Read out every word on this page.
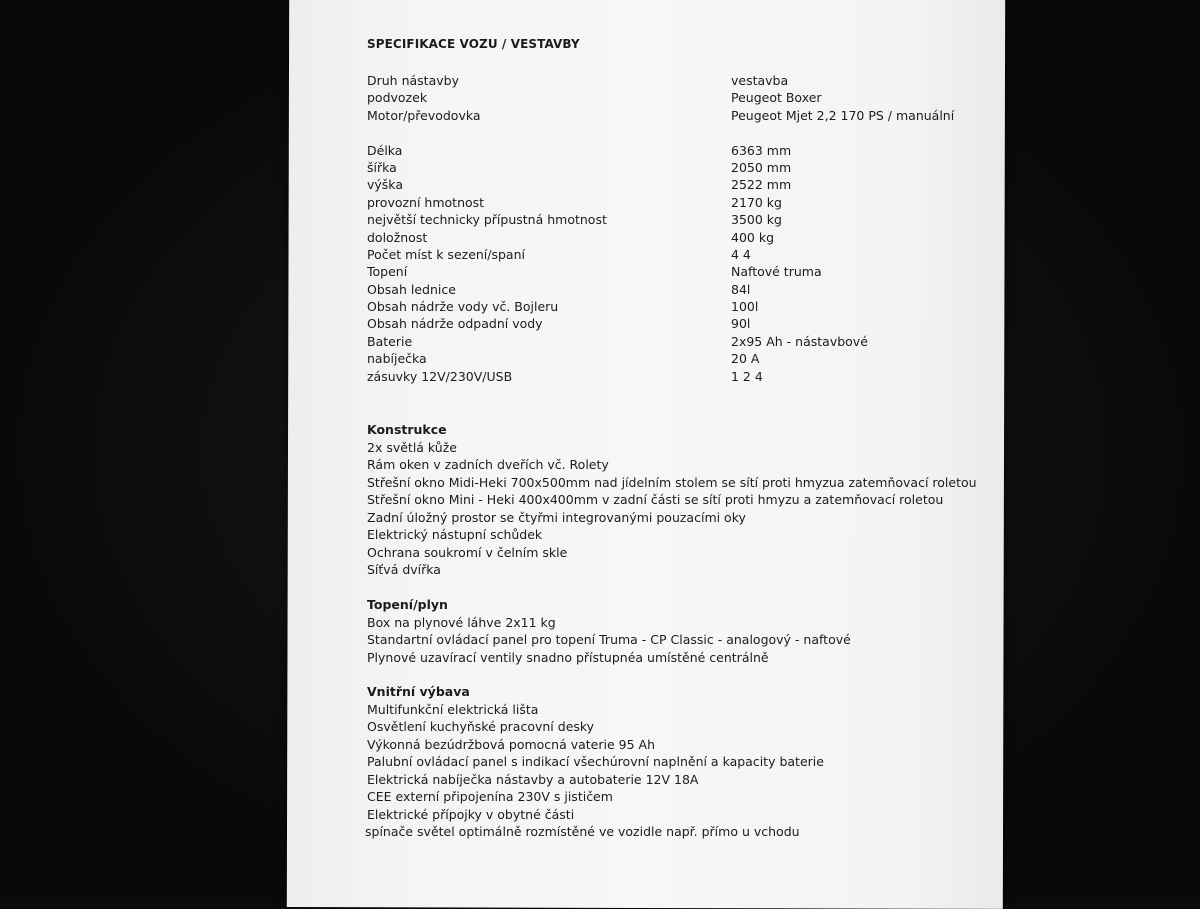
SPECIFIKACE VOZU / VESTAVBY
Druh nástavby	vestavba
podvozek	Peugeot Boxer
Motor/převodovka	Peugeot Mjet 2,2 170 PS / manuální
Délka	6363 mm
šířka	2050 mm
výška	2522 mm
provozní hmotnost	2170 kg
největší technicky přípustná hmotnost	3500 kg
doložnost	400 kg
Počet míst k sezení/spaní	4 4
Topení	Naftové truma
Obsah lednice	84l
Obsah nádrže vody vč. Bojleru	100l
Obsah nádrže odpadní vody	90l
Baterie	2x95 Ah - nástavbové
nabíječka	20 A
zásuvky 12V/230V/USB	1 2 4
Konstrukce
2x světlá kůže
Rám oken v zadních dveřích vč. Rolety
Střešní okno Midi-Heki 700x500mm nad jídelním stolem se sítí proti hmyzua zatemňovací roletou
Střešní okno Mini - Heki 400x400mm v zadní části se sítí proti hmyzu a zatemňovací roletou
Zadní úložný prostor se čtyřmi integrovanými pouzacími oky
Elektrický nástupní schůdek
Ochrana soukromí v čelním skle
Síťvá dvířka
Topení/plyn
Box na plynové láhve 2x11 kg
Standartní ovládací panel pro topení Truma - CP Classic - analogový - naftové
Plynové uzavírací ventily snadno přístupnéa umístěné centrálně
Vnitřní výbava
Multifunkční elektrická lišta
Osvětlení kuchyňské pracovní desky
Výkonná bezúdržbová pomocná vaterie 95 Ah
Palubní ovládací panel s indikací všechúrovní naplnění a kapacity baterie
Elektrická nabíječka nástavby a autobaterie 12V 18A
CEE externí připojenína 230V s jističem
Elektrické přípojky v obytné části
spínače světel optimálně rozmístěné ve vozidle např. přímo u vchodu
